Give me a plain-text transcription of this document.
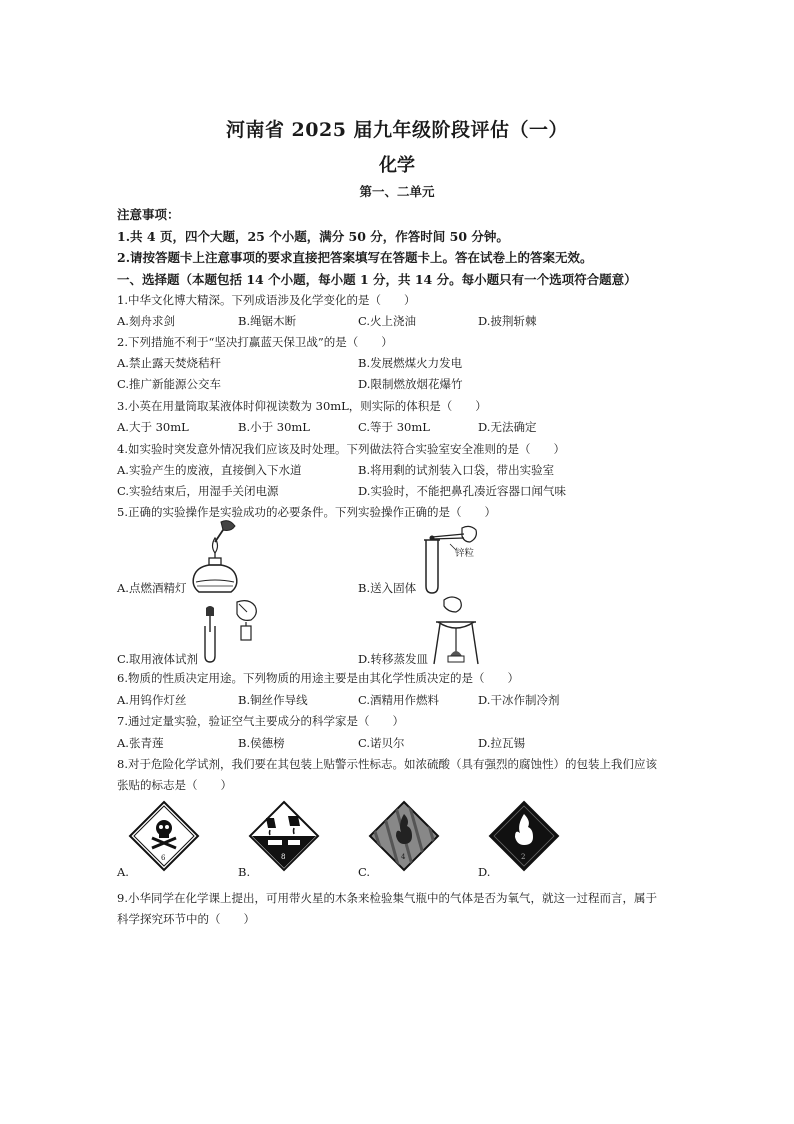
河南省 2025 届九年级阶段评估（一）
化学
第一、二单元
注意事项：
1.共 4 页，四个大题，25 个小题，满分 50 分，作答时间 50 分钟。
2.请按答题卡上注意事项的要求直接把答案填写在答题卡上。答在试卷上的答案无效。
一、选择题（本题包括 14 个小题，每小题 1 分，共 14 分。每小题只有一个选项符合题意）
1.中华文化博大精深。下列成语涉及化学变化的是（　　）
A.刻舟求剑	B.绳锯木断	C.火上浇油	D.披荆斩棘
2.下列措施不利于“坚决打赢蓝天保卫战”的是（　　）
A.禁止露天焚烧秸秆	B.发展燃煤火力发电
C.推广新能源公交车	D.限制燃放烟花爆竹
3.小英在用量筒取某液体时仰视读数为 30mL，则实际的体积是（　　）
A.大于 30mL	B.小于 30mL	C.等于 30mL	D.无法确定
4.如实验时突发意外情况我们应该及时处理。下列做法符合实验室安全准则的是（　　）
A.实验产生的废液，直接倒入下水道	B.将用剩的试剂装入口袋，带出实验室
C.实验结束后，用湿手关闭电源	D.实验时，不能把鼻孔凑近容器口闻气味
5.正确的实验操作是实验成功的必要条件。下列实验操作正确的是（　　）
锌粒
A.点燃酒精灯	B.送入固体
C.取用液体试剂	D.转移蒸发皿
6.物质的性质决定用途。下列物质的用途主要是由其化学性质决定的是（　　）
A.用钨作灯丝	B.铜丝作导线	C.酒精用作燃料	D.干冰作制冷剂
7.通过定量实验，验证空气主要成分的科学家是（　　）
A.张青莲	B.侯德榜	C.诺贝尔	D.拉瓦锡
8.对于危险化学试剂，我们要在其包装上贴警示性标志。如浓硫酸（具有强烈的腐蚀性）的包装上我们应该
张贴的标志是（　　）
6	8	4	2
A.	B.	C.	D.
9.小华同学在化学课上提出，可用带火星的木条来检验集气瓶中的气体是否为氧气，就这一过程而言，属于
科学探究环节中的（　　）
